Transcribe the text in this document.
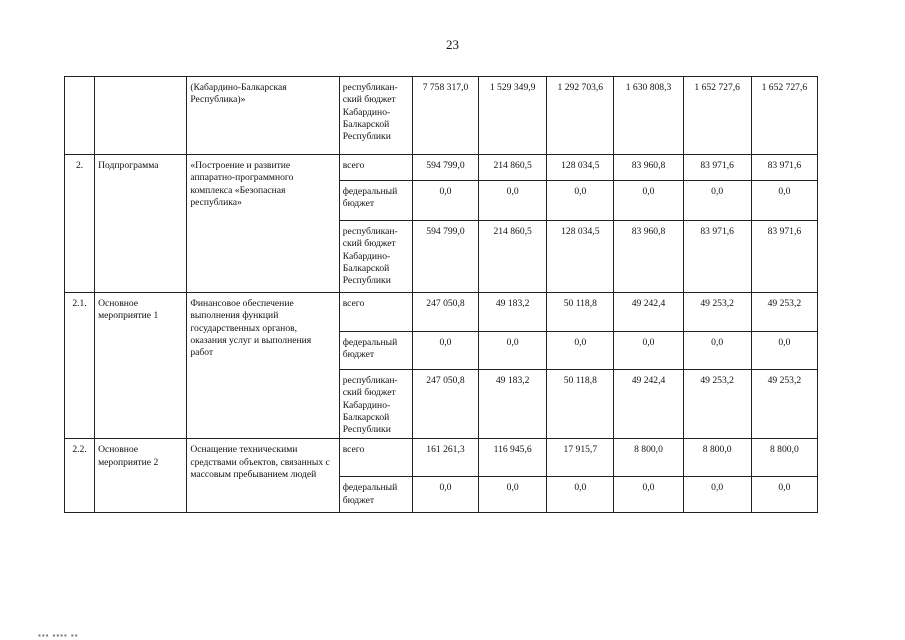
23
		(Кабардино-Балкарская Республика)»	республикан-ский бюджет Кабардино-Балкарской Республики	7 758 317,0	1 529 349,9	1 292 703,6	1 630 808,3	1 652 727,6	1 652 727,6
2.	Подпрограмма	«Построение и развитие аппаратно-программного комплекса «Безопасная республика»	всего	594 799,0	214 860,5	128 034,5	83 960,8	83 971,6	83 971,6
			федеральный бюджет	0,0	0,0	0,0	0,0	0,0	0,0
			республикан-ский бюджет Кабардино-Балкарской Республики	594 799,0	214 860,5	128 034,5	83 960,8	83 971,6	83 971,6
2.1.	Основное мероприятие 1	Финансовое обеспечение выполнения функций государственных органов, оказания услуг и выполнения работ	всего	247 050,8	49 183,2	50 118,8	49 242,4	49 253,2	49 253,2
			федеральный бюджет	0,0	0,0	0,0	0,0	0,0	0,0
			республикан-ский бюджет Кабардино-Балкарской Республики	247 050,8	49 183,2	50 118,8	49 242,4	49 253,2	49 253,2
2.2.	Основное мероприятие 2	Оснащение техническими средствами объектов, связанных с массовым пребыванием людей	всего	161 261,3	116 945,6	17 915,7	8 800,0	8 800,0	8 800,0
			федеральный бюджет	0,0	0,0	0,0	0,0	0,0	0,0
▪▪▪ ▪▪▪▪ ▪▪
